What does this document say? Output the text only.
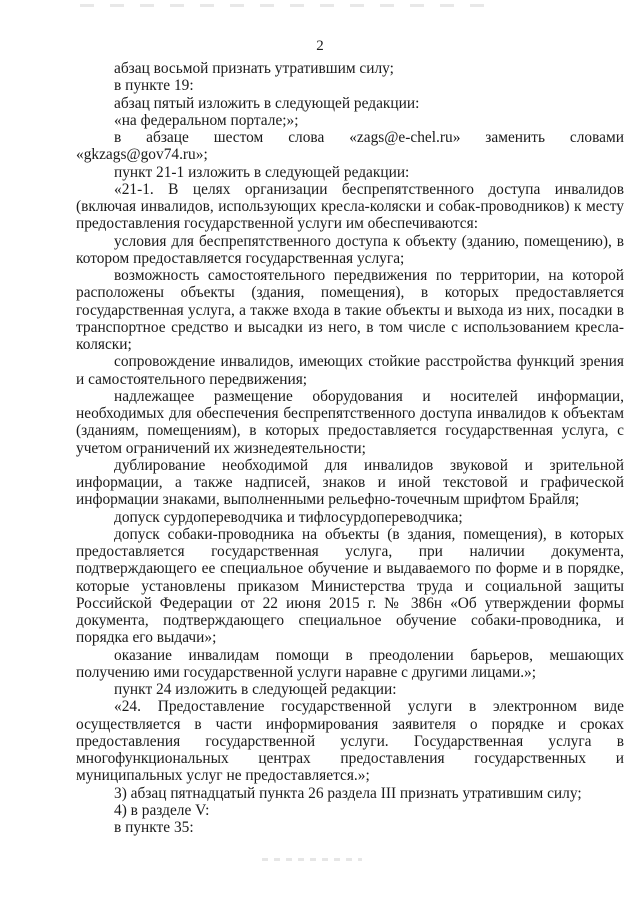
2

абзац восьмой признать утратившим силу;

в пункте 19:

абзац пятый изложить в следующей редакции:

«на федеральном портале;»;

в абзаце шестом слова «zags@e-chel.ru» заменить словами «gkzags@gov74.ru»;

пункт 21-1 изложить в следующей редакции:

«21-1. В целях организации беспрепятственного доступа инвалидов (включая инвалидов, использующих кресла-коляски и собак-проводников) к месту предоставления государственной услуги им обеспечиваются:

условия для беспрепятственного доступа к объекту (зданию, помещению), в котором предоставляется государственная услуга;

возможность самостоятельного передвижения по территории, на которой расположены объекты (здания, помещения), в которых предоставляется государственная услуга, а также входа в такие объекты и выхода из них, посадки в транспортное средство и высадки из него, в том числе с использованием кресла-коляски;

сопровождение инвалидов, имеющих стойкие расстройства функций зрения и самостоятельного передвижения;

надлежащее размещение оборудования и носителей информации, необходимых для обеспечения беспрепятственного доступа инвалидов к объектам (зданиям, помещениям), в которых предоставляется государственная услуга, с учетом ограничений их жизнедеятельности;

дублирование необходимой для инвалидов звуковой и зрительной информации, а также надписей, знаков и иной текстовой и графической информации знаками, выполненными рельефно-точечным шрифтом Брайля;

допуск сурдопереводчика и тифлосурдопереводчика;

допуск собаки-проводника на объекты (в здания, помещения), в которых предоставляется государственная услуга, при наличии документа, подтверждающего ее специальное обучение и выдаваемого по форме и в порядке, которые установлены приказом Министерства труда и социальной защиты Российской Федерации от 22 июня 2015 г. № 386н «Об утверждении формы документа, подтверждающего специальное обучение собаки-проводника, и порядка его выдачи»;

оказание инвалидам помощи в преодолении барьеров, мешающих получению ими государственной услуги наравне с другими лицами.»;

пункт 24 изложить в следующей редакции:

«24. Предоставление государственной услуги в электронном виде осуществляется в части информирования заявителя о порядке и сроках предоставления государственной услуги. Государственная услуга в многофункциональных центрах предоставления государственных и муниципальных услуг не предоставляется.»;

3) абзац пятнадцатый пункта 26 раздела III признать утратившим силу;

4) в разделе V:

в пункте 35:
